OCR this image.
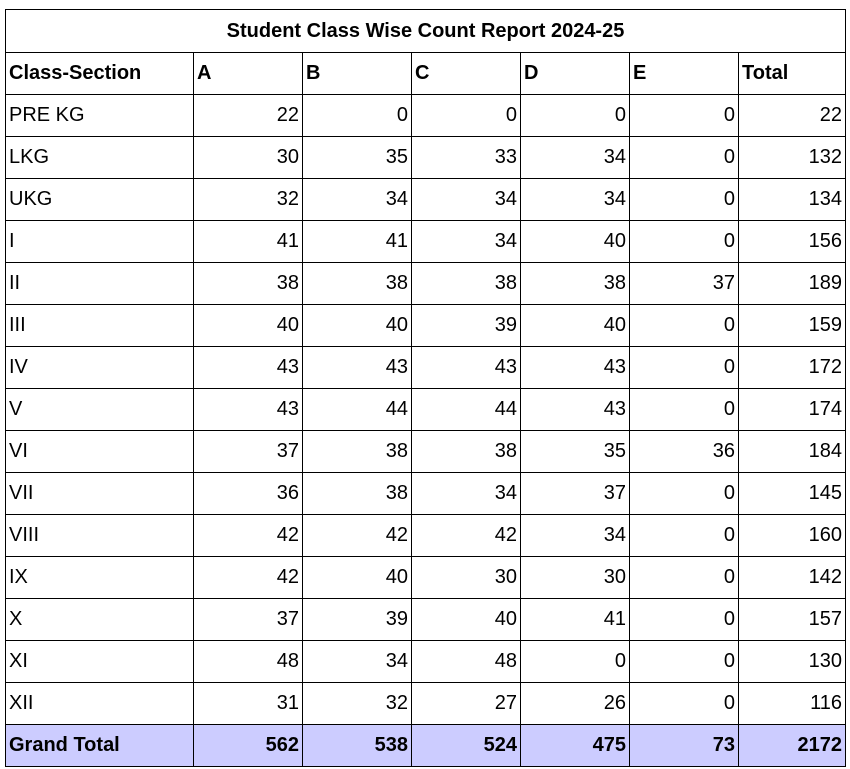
Student Class Wise Count Report 2024-25						
Class-Section	A	B	C	D	E	Total
PRE KG	22	0	0	0	0	22
LKG	30	35	33	34	0	132
UKG	32	34	34	34	0	134
I	41	41	34	40	0	156
II	38	38	38	38	37	189
III	40	40	39	40	0	159
IV	43	43	43	43	0	172
V	43	44	44	43	0	174
VI	37	38	38	35	36	184
VII	36	38	34	37	0	145
VIII	42	42	42	34	0	160
IX	42	40	30	30	0	142
X	37	39	40	41	0	157
XI	48	34	48	0	0	130
XII	31	32	27	26	0	116
Grand Total	562	538	524	475	73	2172
